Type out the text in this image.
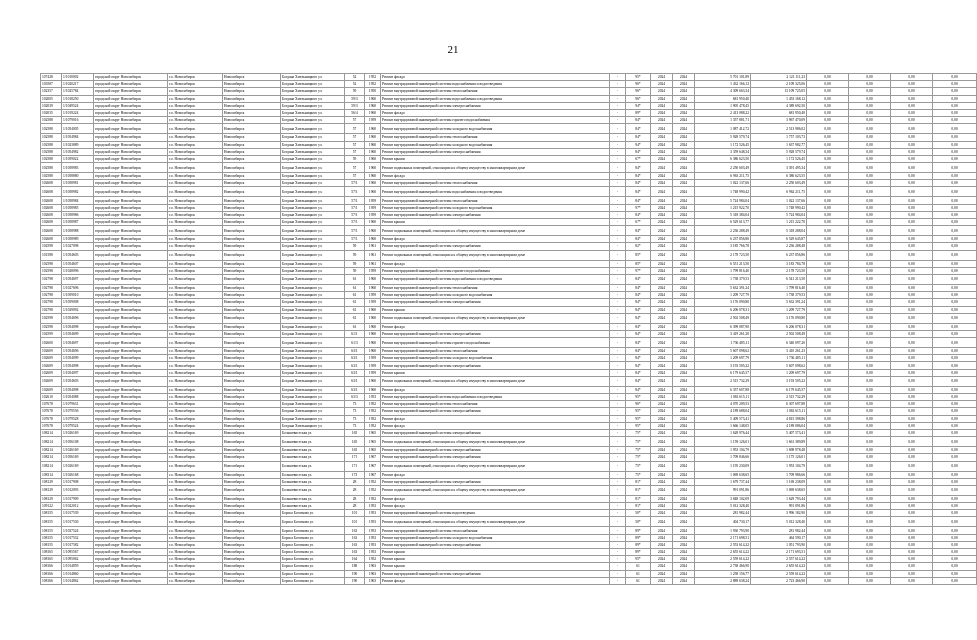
21
107428	1/1010002	городской округ Новосибирск	г.о. Новосибирск	Новосибирск	Богдана Хмельницкого ул.	52	1952	Ремонт фасада	-	95*	2024	2024	5 701 101,89	2 121 111,23	0,00	0,00	0,00	0,00
103587	1/1020217	городской округ Новосибирск	г.о. Новосибирск	Новосибирск	Богдана Хмельницкого ул.	52	1952	Ремонт внутридомовой инженерной системы водоснабжения и водоотведения	-	96*	2024	2024	1 432 166,12	2 109 325,06	0,00	0,00	0,00	0,00
102357	1/1025784	городской округ Новосибирск	г.о. Новосибирск	Новосибирск	Богдана Хмельницкого ул.	59	1950	Ремонт внутридомовой инженерной системы теплоснабжения	-	96*	2024	2024	4 309 663,34	13 109 725,05	0,00	0,00	0,00	0,00
102005	1/1018250	городской округ Новосибирск	г.о. Новосибирск	Новосибирск	Богдана Хмельницкого ул.	59/3	1960	Ремонт внутридомовой инженерной системы водоснабжения и водоотведения	-	96*	2024	2024	681 950,40	1 453 168,12	0,00	0,00	0,00	0,00
102039	1/1049524	городской округ Новосибирск	г.о. Новосибирск	Новосибирск	Богдана Хмельницкого ул.	59/3	1960	Ремонт внутридомовой инженерной системы электроснабжения	-	94*	2024	2024	1 905 478,45	4 389 692,50	0,00	0,00	0,00	0,00
102035	1/1019224	городской округ Новосибирск	г.о. Новосибирск	Новосибирск	Богдана Хмельницкого ул.	56/4	1960	Ремонт фасада	-	89*	2024	2024	2 413 088,22	681 950,40	0,00	0,00	0,00	0,00
102588	1/1079016	городской округ Новосибирск	г.о. Новосибирск	Новосибирск	Богдана Хмельницкого ул.	57	1959	Ремонт внутридомовой инженерной системы горячего водоснабжения	-	84*	2024	2024	1 357 881,71	3 967 470,09	0,00	0,00	0,00	0,00
102588	1/1054005	городской округ Новосибирск	г.о. Новосибирск	Новосибирск	Богдана Хмельницкого ул.	57	1960	Ремонт внутридомовой инженерной системы холодного водоснабжения	-	84*	2024	2024	1 087 412,72	2 513 986,02	0,00	0,00	0,00	0,00
102588	1/1054984	городской округ Новосибирск	г.о. Новосибирск	Новосибирск	Богдана Хмельницкого ул.	57	1960	Ремонт внутридомовой инженерной системы теплоснабжения	-	84*	2024	2024	5 928 579,74	1 757 103,73	0,00	0,00	0,00	0,00
102588	1/1023889	городской округ Новосибирск	г.о. Новосибирск	Новосибирск	Богдана Хмельницкого ул.	57	1960	Ремонт внутридомовой инженерной системы холодного водоснабжения	-	94*	2024	2024	1 172 526,45	1 637 982,77	0,00	0,00	0,00	0,00
102588	1/1054982	городской округ Новосибирск	г.о. Новосибирск	Новосибирск	Богдана Хмельницкого ул.	57	1960	Ремонт внутридомовой инженерной системы электроснабжения	-	84*	2024	2024	3 359 648,34	5 928 579,74	0,00	0,00	0,00	0,00
102588	1/1059022	городской округ Новосибирск	г.о. Новосибирск	Новосибирск	Богдана Хмельницкого ул.	59	1960	Ремонт крыши	-	67*	2024	2024	6 386 623,50	1 172 526,45	0,00	0,00	0,00	0,00
102588	1/1058983	городской округ Новосибирск	г.о. Новосибирск	Новосибирск	Богдана Хмельницкого ул.	57	1960	Ремонт подвальных помещений, относящихся к общему имуществу в многоквартирном доме	-	84*	2024	2024	2 250 603,49	3 391 495,34	0,00	0,00	0,00	0,00
102588	1/1058880	городской округ Новосибирск	г.о. Новосибирск	Новосибирск	Богдана Хмельницкого ул.	57	1960	Ремонт фасада	-	84*	2024	2024	6 963 211,75	6 386 623,55	0,00	0,00	0,00	0,00
102608	1/1058981	городской округ Новосибирск	г.о. Новосибирск	Новосибирск	Богдана Хмельницкого ул.	57/1	1960	Ремонт внутридомовой инженерной системы теплоснабжения	-	84*	2024	2024	1 022 137,66	2 250 603,49	0,00	0,00	0,00	0,00
102608	1/1058982	городской округ Новосибирск	г.о. Новосибирск	Новосибирск	Богдана Хмельницкого ул.	57/1	1960	Ремонт внутридомовой инженерной системы водоснабжения и водоотведения	-	84*	2024	2024	1 748 990,42	6 962 211,75	0,00	0,00	0,00	0,00
102608	1/1058984	городской округ Новосибирск	г.о. Новосибирск	Новосибирск	Богдана Хмельницкого ул.	57/1	1959	Ремонт внутридомовой инженерной системы теплоснабжения	-	84*	2024	2024	5 724 984,04	1 022 137,66	0,00	0,00	0,00	0,00
102608	1/1058985	городской округ Новосибирск	г.о. Новосибирск	Новосибирск	Богдана Хмельницкого ул.	57/1	1959	Ремонт внутридомовой инженерной системы холодного водоснабжения	-	97*	2024	2024	1 215 922,70	1 748 990,42	0,00	0,00	0,00	0,00
102608	1/1058986	городской округ Новосибирск	г.о. Новосибирск	Новосибирск	Богдана Хмельницкого ул.	57/1	1959	Ремонт внутридомовой инженерной системы электроснабжения	-	84*	2024	2024	5 318 384,04	5 724 984,04	0,00	0,00	0,00	0,00
102608	1/1058987	городской округ Новосибирск	г.о. Новосибирск	Новосибирск	Богдана Хмельницкого ул.	57/1	1960	Ремонт крыши	-	67*	2024	2024	6 529 613,77	1 215 222,70	0,00	0,00	0,00	0,00
102608	1/1058988	городской округ Новосибирск	г.о. Новосибирск	Новосибирск	Богдана Хмельницкого ул.	57/1	1960	Ремонт подвальных помещений, относящихся к общему имуществу в многоквартирном доме	-	84*	2024	2024	2 236 288,49	5 318 288,04	0,00	0,00	0,00	0,00
102608	1/1058989	городской округ Новосибирск	г.о. Новосибирск	Новосибирск	Богдана Хмельницкого ул.	57/1	1960	Ремонт фасада	-	84*	2024	2024	6 237 856,86	6 529 645,87	0,00	0,00	0,00	0,00
102598	1/1027098	городской округ Новосибирск	г.о. Новосибирск	Новосибирск	Богдана Хмельницкого ул.	59	1961	Ремонт внутридомовой инженерной системы электроснабжения	-	82*	2024	2024	3 185 766,78	2 236 288,48	0,00	0,00	0,00	0,00
101588	1/1054603	городской округ Новосибирск	г.о. Новосибирск	Новосибирск	Богдана Хмельницкого ул.	59	1961	Ремонт подвальных помещений, относящихся к общему имуществу в многоквартирном доме	-	85*	2024	2024	2 178 723,50	6 237 856,86	0,00	0,00	0,00	0,00
102598	1/1054607	городской округ Новосибирск	г.о. Новосибирск	Новосибирск	Богдана Хмельницкого ул.	59	1961	Ремонт фасада	-	85*	2024	2024	6 551 213,50	3 183 784,78	0,00	0,00	0,00	0,00
102598	1/1028096	городской округ Новосибирск	г.о. Новосибирск	Новосибирск	Богдана Хмельницкого ул.	59	1959	Ремонт внутридомовой инженерной системы горячего водоснабжения	-	97*	2024	2024	1 799 816,40	2 178 723,50	0,00	0,00	0,00	0,00
102798	1/1054697	городской округ Новосибирск	г.о. Новосибирск	Новосибирск	Богдана Хмельницкого ул.	61	1960	Ремонт внутридомовой инженерной системы водоснабжения и водоотведения	-	84*	2024	2024	1 738 379,53	6 541 213,50	0,00	0,00	0,00	0,00
102798	1/1027696	городской округ Новосибирск	г.о. Новосибирск	Новосибирск	Богдана Хмельницкого ул.	61	1960	Ремонт внутридомовой инженерной системы теплоснабжения	-	84*	2024	2024	5 632 391,24	1 799 816,40	0,00	0,00	0,00	0,00
102798	1/1059010	городской округ Новосибирск	г.о. Новосибирск	Новосибирск	Богдана Хмельницкого ул.	61	1959	Ремонт внутридомовой инженерной системы холодного водоснабжения	-	84*	2024	2024	1 209 727,79	1 738 379,53	0,00	0,00	0,00	0,00
102798	1/1059008	городской округ Новосибирск	г.о. Новосибирск	Новосибирск	Богдана Хмельницкого ул.	61	1959	Ремонт внутридомовой инженерной системы электроснабжения	-	84*	2024	2024	3 176 090,80	5 632 391,24	0,00	0,00	0,00	0,00
102798	1/1029092	городской округ Новосибирск	г.о. Новосибирск	Новосибирск	Богдана Хмельницкого ул.	61	1960	Ремонт крыши	-	84*	2024	2024	6 206 078,31	1 209 727,79	0,00	0,00	0,00	0,00
102598	1/1054696	городской округ Новосибирск	г.о. Новосибирск	Новосибирск	Богдана Хмельницкого ул.	61	1960	Ремонт подвальных помещений, относящихся к общему имуществу в многоквартирном доме	-	84*	2024	2024	2 502 508,49	3 176 090,80	0,00	0,00	0,00	0,00
102598	1/1054098	городской округ Новосибирск	г.о. Новосибирск	Новосибирск	Богдана Хмельницкого ул.	61	1960	Ремонт фасада	-	84*	2024	2024	6 399 087,90	6 206 078,31	0,00	0,00	0,00	0,00
102599	1/1054699	городской округ Новосибирск	г.о. Новосибирск	Новосибирск	Богдана Хмельницкого ул.	61/1	1960	Ремонт внутридомовой инженерной системы электроснабжения	-	84*	2024	2024	3 419 261,20	2 502 508,49	0,00	0,00	0,00	0,00
102600	1/1054697	городской округ Новосибирск	г.о. Новосибирск	Новосибирск	Богдана Хмельницкого ул.	61/3	1960	Ремонт внутридомовой инженерной системы горячего водоснабжения	-	84*	2024	2024	1 736 485,11	6 340 097,20	0,00	0,00	0,00	0,00
102609	1/1054696	городской округ Новосибирск	г.о. Новосибирск	Новосибирск	Богдана Хмельницкого ул.	63/1	1960	Ремонт внутридомовой инженерной системы теплоснабжения	-	84*	2024	2024	5 607 098,62	3 410 261,23	0,00	0,00	0,00	0,00
102609	1/1054099	городской округ Новосибирск	г.о. Новосибирск	Новосибирск	Богдана Хмельницкого ул.	63/1	1959	Ремонт внутридомовой инженерной системы холодного водоснабжения	-	84*	2024	2024	1 209 697,79	1 736 485,11	0,00	0,00	0,00	0,00
102609	1/1054098	городской округ Новосибирск	г.о. Новосибирск	Новосибирск	Богдана Хмельницкого ул.	63/1	1959	Ремонт внутридомовой инженерной системы электроснабжения	-	84*	2024	2024	3 193 505,22	5 607 098,62	0,00	0,00	0,00	0,00
102609	1/1054097	городской округ Новосибирск	г.о. Новосибирск	Новосибирск	Богдана Хмельницкого ул.	63/1	1959	Ремонт крыши	-	84*	2024	2024	6 179 645,57	1 209 697,79	0,00	0,00	0,00	0,00
102609	1/1054603	городской округ Новосибирск	г.о. Новосибирск	Новосибирск	Богдана Хмельницкого ул.	63/1	1960	Ремонт подвальных помещений, относящихся к общему имуществу в многоквартирном доме	-	84*	2024	2024	2 515 732,29	3 193 505,22	0,00	0,00	0,00	0,00
102609	1/1054098	городской округ Новосибирск	г.о. Новосибирск	Новосибирск	Богдана Хмельницкого ул.	63/1	1960	Ремонт фасада	-	84*	2024	2024	6 357 607,88	6 179 645,57	0,00	0,00	0,00	0,00
102610	1/1054088	городской округ Новосибирск	г.о. Новосибирск	Новосибирск	Богдана Хмельницкого ул.	63/3	1953	Ремонт внутридомовой инженерной системы водоснабжения и водоотведения	-	95*	2024	2024	1 063 615,11	2 515 732,29	0,00	0,00	0,00	0,00
107678	1/1079631	городской округ Новосибирск	г.о. Новосибирск	Новосибирск	Богдана Хмельницкого ул.	73	1952	Ремонт внутридомовой инженерной системы теплоснабжения	-	96*	2024	2024	4 070 209,53	6 307 697,88	0,00	0,00	0,00	0,00
107678	1/1079536	городской округ Новосибирск	г.о. Новосибирск	Новосибирск	Богдана Хмельницкого ул.	73	1952	Ремонт внутридомовой инженерной системы электроснабжения	-	95*	2024	2024	4 189 688,04	1 063 615,11	0,00	0,00	0,00	0,00
107678	1/1079528	городской округ Новосибирск	г.о. Новосибирск	Новосибирск	Богдана Хмельницкого ул.	73	1952	Ремонт фасада	-	95*	2024	2024	5 409 573,41	4 815 398,86	0,00	0,00	0,00	0,00
107678	1/1079524	городской округ Новосибирск	г.о. Новосибирск	Новосибирск	Богдана Хмельницкого ул.	73	1952	Ремонт фасада	-	95*	2024	2024	1 666 148,05	4 189 086,04	0,00	0,00	0,00	0,00
108214	1/1026169	городской округ Новосибирск	г.о. Новосибирск	Новосибирск	Большевистская ул.	165	1965	Ремонт внутридомовой инженерной системы электроснабжения	-	75*	2024	2024	1 628 976,44	5 407 573,41	0,00	0,00	0,00	0,00
108214	1/1056108	городской округ Новосибирск	г.о. Новосибирск	Новосибирск	Большевистская ул.	165	1965	Ремонт подвальных помещений, относящихся к общему имуществу в многоквартирном доме	-	75*	2024	2024	1 159 126,01	1 661 389,89	0,00	0,00	0,00	0,00
108214	1/1026169	городской округ Новосибирск	г.о. Новосибирск	Новосибирск	Большевистская ул.	165	1965	Ремонт внутридомовой инженерной системы электроснабжения	-	75*	2024	2024	1 953 104,79	1 698 978,48	0,00	0,00	0,00	0,00
108214	1/1056169	городской округ Новосибирск	г.о. Новосибирск	Новосибирск	Большевистская ул.	171	1967	Ремонт внутридомовой инженерной системы электроснабжения	-	75*	2024	2024	1 709 846,66	1 175 126,01	0,00	0,00	0,00	0,00
108214	1/1026169	городской округ Новосибирск	г.о. Новосибирск	Новосибирск	Большевистская ул.	171	1967	Ремонт подвальных помещений, относящихся к общему имуществу в многоквартирном доме	-	75*	2024	2024	1 195 230,09	1 953 104,79	0,00	0,00	0,00	0,00
108314	1/1026168	городской округ Новосибирск	г.о. Новосибирск	Новосибирск	Большевистская ул.	173	1967	Ремонт фасада	-	75*	2024	2024	1 069 638,65	1 709 986,66	0,00	0,00	0,00	0,00
108129	1/1017908	городской округ Новосибирск	г.о. Новосибирск	Новосибирск	Большевистская ул.	28	1952	Ремонт внутридомовой инженерной системы электроснабжения	-	81*	2024	2024	1 679 737,44	1 169 238,09	0,00	0,00	0,00	0,00
108129	1/1012093	городской округ Новосибирск	г.о. Новосибирск	Новосибирск	Большевистская ул.	28	1952	Ремонт подвальных помещений, относящихся к общему имуществу в многоквартирном доме	-	81*	2024	2024	991 091,86	1 069 638,65	0,00	0,00	0,00	0,00
108129	1/1017909	городской округ Новосибирск	г.о. Новосибирск	Новосибирск	Большевистская ул.	28	1952	Ремонт фасада	-	81*	2024	2024	3 848 102,09	1 629 793,44	0,00	0,00	0,00	0,00
109122	1/1022012	городской округ Новосибирск	г.о. Новосибирск	Новосибирск	Большевистская ул.	28	1953	Ремонт фасада	-	81*	2024	2024	5 012 328,40	991 091,86	0,00	0,00	0,00	0,00
108155	1/1017539	городской округ Новосибирск	г.о. Новосибирск	Новосибирск	Бориса Богаткова ул.	101	1953	Ремонт внутридомовой инженерной системы водоотведения	-	50*	2024	2024	281 982,44	3 996 182,90	0,00	0,00	0,00	0,00
108155	1/1017530	городской округ Новосибирск	г.о. Новосибирск	Новосибирск	Бориса Богаткова ул.	101	1953	Ремонт подвальных помещений, относящихся к общему имуществу в многоквартирном доме	-	50*	2024	2024	404 730,17	5 012 328,40	0,00	0,00	0,00	0,00
108155	1/1037524	городской округ Новосибирск	г.о. Новосибирск	Новосибирск	Бориса Богаткова ул.	163	1953	Ремонт внутридомовой инженерной системы теплоснабжения	-	89*	2024	2024	1 930 793,90	281 982,44	0,00	0,00	0,00	0,00
108155	1/1017532	городской округ Новосибирск	г.о. Новосибирск	Новосибирск	Бориса Богаткова ул.	163	1953	Ремонт внутридомовой инженерной системы холодного водоснабжения	-	89*	2024	2024	2 171 698,51	464 590,17	0,00	0,00	0,00	0,00
108155	1/1017582	городской округ Новосибирск	г.о. Новосибирск	Новосибирск	Бориса Богаткова ул.	163	1953	Ремонт внутридомовой инженерной системы электроснабжения	-	89*	2024	2024	2 553 614,22	1 051 793,90	0,00	0,00	0,00	0,00
108165	1/1095567	городской округ Новосибирск	г.о. Новосибирск	Новосибирск	Бориса Богаткова ул.	163	1953	Ремонт крыши	-	89*	2024	2024	2 655 614,22	2 171 693,51	0,00	0,00	0,00	0,00
108165	1/1095062	городской округ Новосибирск	г.о. Новосибирск	Новосибирск	Бориса Богаткова ул.	164	1952	Ремонт крыши	-	95*	2024	2024	2 559 614,22	2 557 614,22	0,00	0,00	0,00	0,00
108166	1/1014859	городской округ Новосибирск	г.о. Новосибирск	Новосибирск	Бориса Богаткова ул.	188	1963	Ремонт крыши	-	61	2024	2024	2 738 466,90	2 655 614,22	0,00	0,00	0,00	0,00
108166	1/1014860	городской округ Новосибирск	г.о. Новосибирск	Новосибирск	Бориса Богаткова ул.	190	1963	Ремонт внутридомовой инженерной системы электроснабжения	-	61	2024	2024	1 258 156,77	2 559 614,22	0,00	0,00	0,00	0,00
108166	1/1014862	городской округ Новосибирск	г.о. Новосибирск	Новосибирск	Бориса Богаткова ул.	190	1963	Ремонт фасада	-	61	2024	2024	2 889 638,24	2 723 466,90	0,00	0,00	0,00	0,00
